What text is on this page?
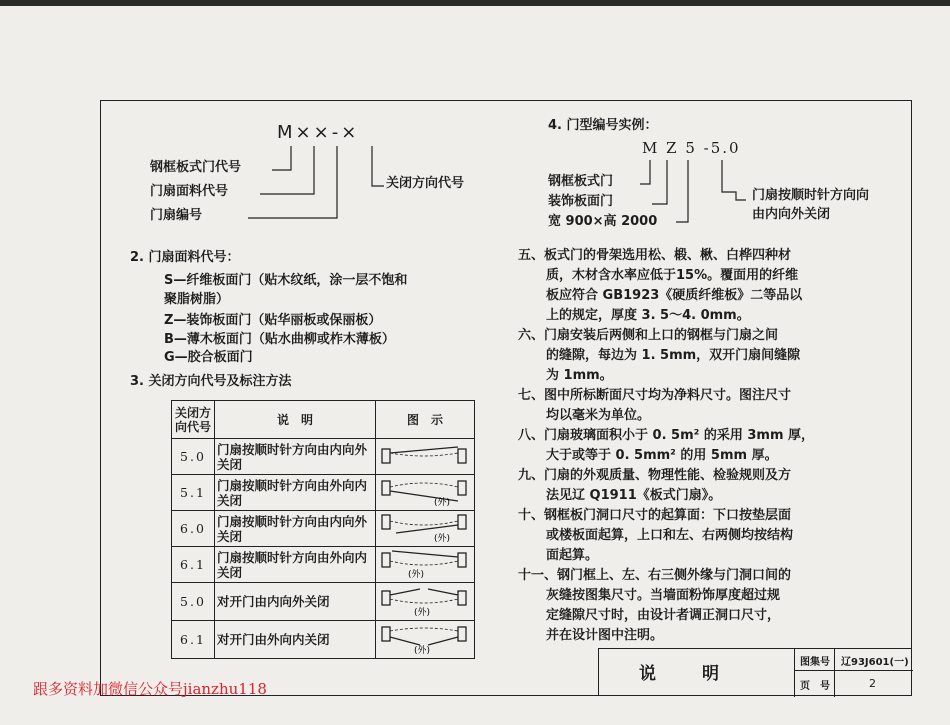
M××-×
钢框板式门代号
门扇面料代号
门扇编号
关闭方向代号
4. 门型编号实例：
M Z 5 -5.0
钢框板式门
装饰板面门
宽 900×高 2000
门扇按顺时针方向向
由内向外关闭
2. 门扇面料代号：
S—纤维板面门（贴木纹纸，涂一层不饱和
聚脂树脂）
Z—装饰板面门（贴华丽板或保丽板）
B—薄木板面门（贴水曲柳或柞木薄板）
G—胶合板面门
3. 关闭方向代号及标注方法
关闭方向代号	说　明	图　示
5.0	门扇按顺时针方向由内向外关闭	
5.1	门扇按顺时针方向由外向内关闭	(外)

6.0	门扇按顺时针方向由内向外关闭	(外)

6.1	门扇按顺时针方向由外向内关闭	(外)

5.0	对开门由内向外关闭	(外)

6.1	对开门由外向内关闭	(外)
五、板式门的骨架选用松、椴、楸、白桦四种材
质，木材含水率应低于15%。覆面用的纤维
板应符合 GB1923《硬质纤维板》二等品以
上的规定，厚度 3. 5～4. 0mm。
六、门扇安装后两侧和上口的钢框与门扇之间
的缝隙，每边为 1. 5mm，双开门扇间缝隙
为 1mm。
七、图中所标断面尺寸均为净料尺寸。图注尺寸
均以毫米为单位。
八、门扇玻璃面积小于 0. 5m² 的采用 3mm 厚，
大于或等于 0. 5mm² 的用 5mm 厚。
九、门扇的外观质量、物理性能、检验规则及方
法见辽 Q1911《板式门扇》。
十、钢框板门洞口尺寸的起算面：下口按垫层面
或楼板面起算，上口和左、右两侧均按结构
面起算。
十一、钢门框上、左、右三侧外缘与门洞口间的
灰缝按图集尺寸。当墙面粉饰厚度超过规
定缝隙尺寸时，由设计者调正洞口尺寸，
并在设计图中注明。
说　　明
图集号 辽93J601(一)
页　号	2
跟多资料加微信公众号jianzhu118
